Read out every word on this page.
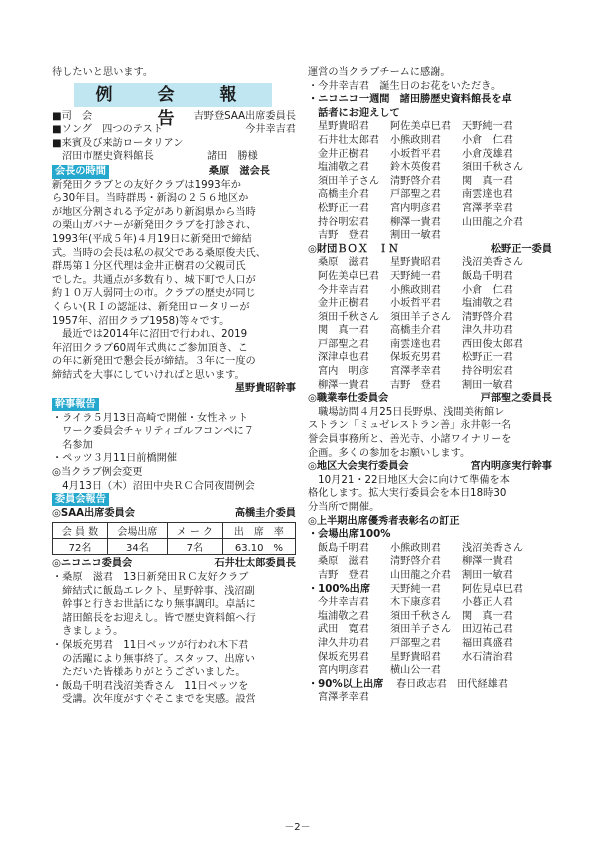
待したいと思います。
例　会　報　告
■司　会	吉野登SAA出席委員長
■ソング　四つのテスト	今井幸吉君
■来賓及び来訪ロータリアン
沼田市歴史資料館長	諸田　勝様
会長の時間	桑原　滋会長
新発田クラブとの友好クラブは1993年か
ら30年目。当時群馬・新潟の２５６地区か
が地区分割される予定があり新潟県から当時
の栗山ガバナーが新発田クラブを打診され、
1993年(平成５年)４月19日に新発田で締結
式。当時の会長は私の叔父である桑原俊夫氏、
群馬第１分区代理は金井正樹君の父親司氏
でした。共通点が多数有り、城下町で人口が
約１０万人弱同士の市。クラブの歴史が同じ
くらい(ＲＩの認証は、新発田ロータリーが
1957年、沼田クラブ1958)等々です。
　最近では2014年に沼田で行われ、2019
年沼田クラブ60周年式典にご参加頂き、こ
の年に新発田で懇会長が締結。３年に一度の
締結式を大事にしていければと思います。
星野貴昭幹事
幹事報告
・ライラ５月13日高崎で開催・女性ネット
　ワーク委員会チャリティゴルフコンペに７
　名参加
・ペッツ３月11日前橋開催
◎当クラブ例会変更
　4月13日（木）沼田中央ＲＣ合同夜間例会
委員会報告
◎SAA出席委員会	高橋圭介委員
会 員 数	会場出席	メ ー ク	出　席　率
72名	34名	7名	63.10　%
◎ニコニコ委員会	石井壮太郎委員長
・桑原　滋君　13日新発田ＲＣ友好クラブ
　締結式に飯島エレクト、星野幹事、浅沼副
　幹事と行きお世話になり無事調印。卓話に
　諸田館長をお迎えし。皆で歴史資料館へ行
　きましょう。
・保坂充男君　11日ペッツが行われ木下君
　の活躍により無事終了。スタッフ、出席い
　ただいた皆様ありがとうございました。
・飯島千明君浅沼美香さん　11日ペッツを
　受講。次年度がすぐそこまでを実感。設営
運営の当クラブチームに感謝。
・今井幸吉君　誕生日のお花をいただき。
・ニコニコ一週間　諸田勝歴史資料館長を卓
　話者にお迎えして
星野貴昭君	阿佐美卓巳君	天野純一君
石井壮太郎君	小熊政則君	小倉　仁君
金井正樹君	小坂哲平君	小倉茂雄君
塩浦敬之君	鈴木英俊君	須田千秋さん
須田羊子さん	清野啓介君	関　真一君
高橋圭介君	戸部聖之君	南雲達也君
松野正一君	宮内明彦君	宮澤孝幸君
持谷明宏君	柳澤一貴君	山田龍之介君
吉野　登君	割田一敏君
◎財団ＢＯＸ　ＩＮ	松野正一委員
桑原　滋君	星野貴昭君	浅沼美香さん
阿佐美卓巳君	天野純一君	飯島千明君
今井幸吉君	小熊政則君	小倉　仁君
金井正樹君	小坂哲平君	塩浦敬之君
須田千秋さん	須田羊子さん	清野啓介君
関　真一君	高橋圭介君	津久井功君
戸部聖之君	南雲達也君	西田俊太郎君
深津卓也君	保坂充男君	松野正一君
宮内　明彦	宮澤孝幸君	持谷明宏君
柳澤一貴君	吉野　登君	割田一敏君
◎職業奉仕委員会	戸部聖之委員長
　職場訪問４月25日長野県、浅間美術館レ
ストラン「ミュゼレストラン善」永井彰一名
誉会員事務所と、善光寺、小諸ワイナリーを
企画。多くの参加をお願いします。
◎地区大会実行委員会	宮内明彦実行幹事
　10月21・22日地区大会に向けて準備を本
格化します。拡大実行委員会を本日18時30
分当所で開催。
◎上半期出席優秀者表彰名の訂正
・会場出席100%
飯島千明君	小熊政則君	浅沼美香さん
桑原　滋君	清野啓介君	柳澤一貴君
吉野　登君	山田龍之介君	割田一敏君
・100%出席	天野純一君	阿佐見卓巳君
今井幸吉君	木下康彦君	小暮正人君
塩浦敬之君	須田千秋さん	関　真一君
武田　寛君	須田羊子さん	田辺祐己君
津久井功君	戸部聖之君	福田真盛君
保坂充男君	星野貴昭君	水石清治君
宮内明彦君	横山公一君
・90%以上出席	春日政志君　田代経雄君
宮澤孝幸君
－2－
